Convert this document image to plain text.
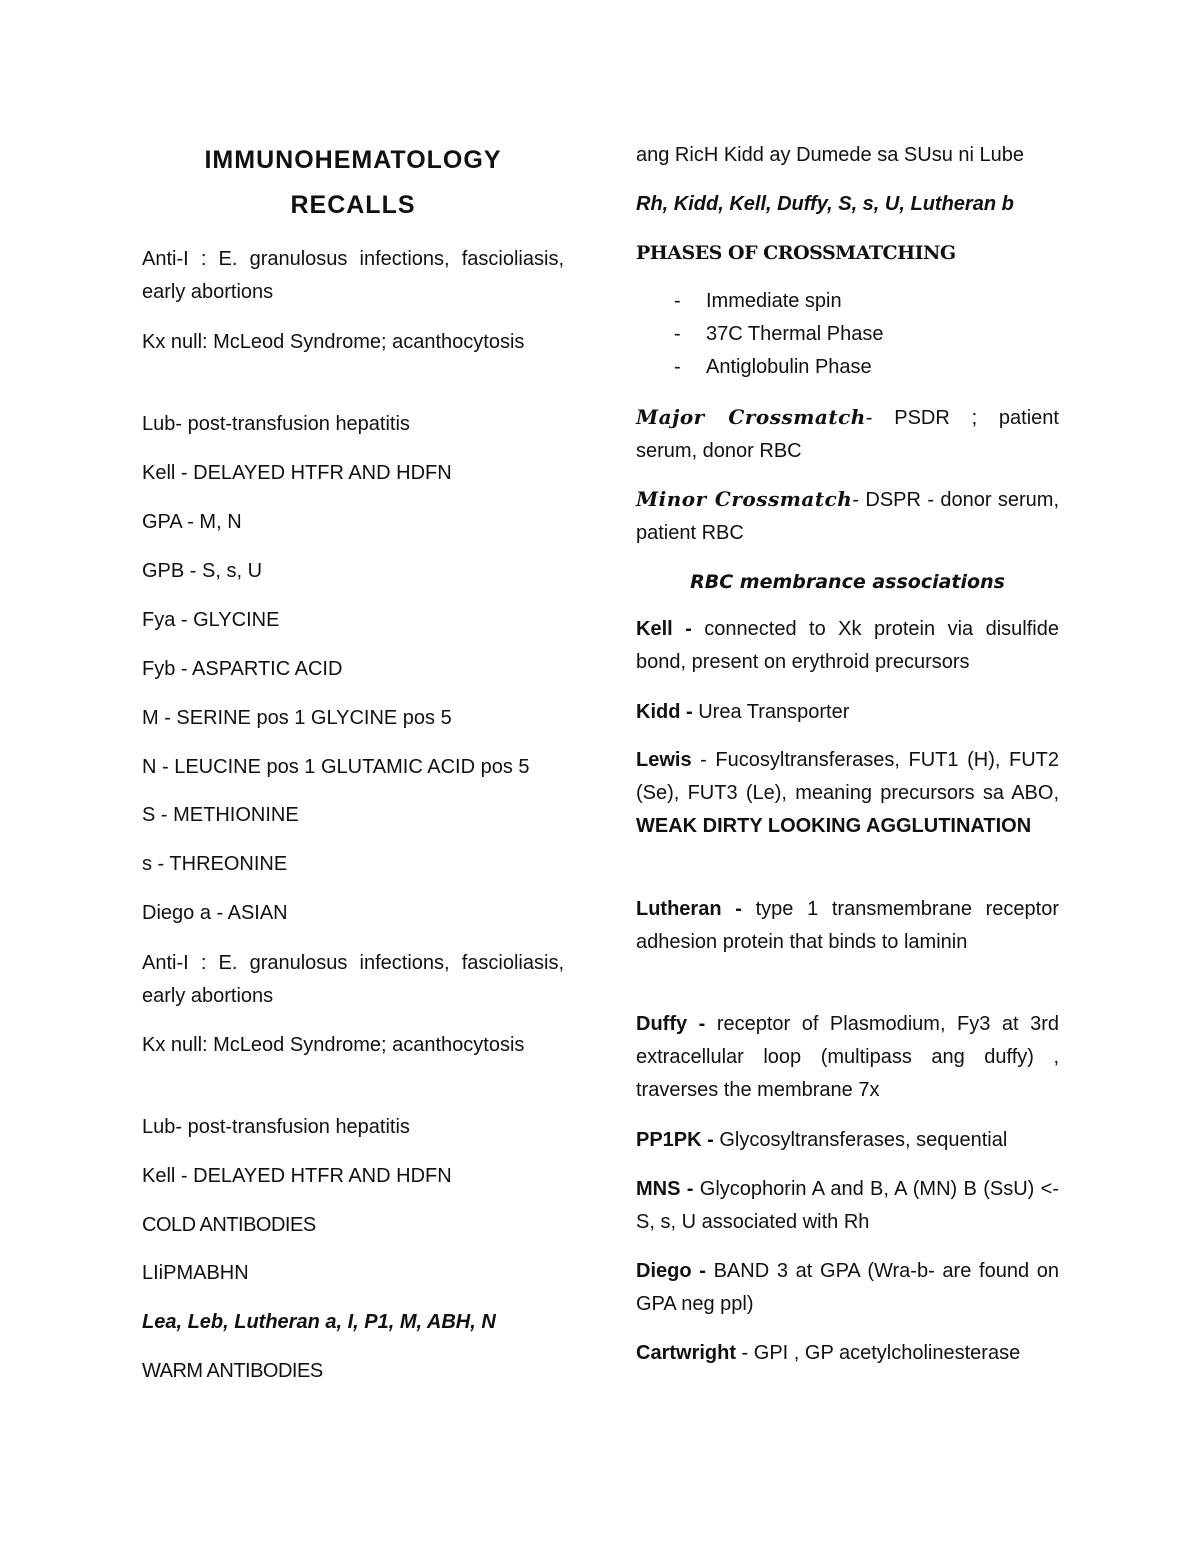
IMMUNOHEMATOLOGY
RECALLS

Anti-I : E. granulosus infections, fascioliasis, early abortions

Kx null: McLeod Syndrome; acanthocytosis

Lub- post-transfusion hepatitis

Kell - DELAYED HTFR AND HDFN

GPA - M, N

GPB - S, s, U

Fya - GLYCINE

Fyb - ASPARTIC ACID

M - SERINE pos 1 GLYCINE pos 5

N - LEUCINE pos 1 GLUTAMIC ACID pos 5

S - METHIONINE

s - THREONINE

Diego a - ASIAN

Anti-I : E. granulosus infections, fascioliasis, early abortions

Kx null: McLeod Syndrome; acanthocytosis

Lub- post-transfusion hepatitis

Kell - DELAYED HTFR AND HDFN

COLD ANTIBODIES

LIiPMABHN

Lea, Leb, Lutheran a, I, P1, M, ABH, N

WARM ANTIBODIES

ang RicH Kidd ay Dumede sa SUsu ni Lube

Rh, Kidd, Kell, Duffy, S, s, U, Lutheran b

PHASES OF CROSSMATCHING

- Immediate spin
- 37C Thermal Phase
- Antiglobulin Phase

Major Crossmatch- PSDR ; patient serum, donor RBC

Minor Crossmatch- DSPR - donor serum, patient RBC

RBC membrance associations

Kell - connected to Xk protein via disulfide bond, present on erythroid precursors

Kidd - Urea Transporter

Lewis - Fucosyltransferases, FUT1 (H), FUT2 (Se), FUT3 (Le), meaning precursors sa ABO, WEAK DIRTY LOOKING AGGLUTINATION

Lutheran - type 1 transmembrane receptor adhesion protein that binds to laminin

Duffy - receptor of Plasmodium, Fy3 at 3rd extracellular loop (multipass ang duffy) , traverses the membrane 7x

PP1PK - Glycosyltransferases, sequential

MNS - Glycophorin A and B, A (MN) B (SsU) <- S, s, U associated with Rh

Diego - BAND 3 at GPA (Wra-b- are found on GPA neg ppl)

Cartwright - GPI , GP acetylcholinesterase
